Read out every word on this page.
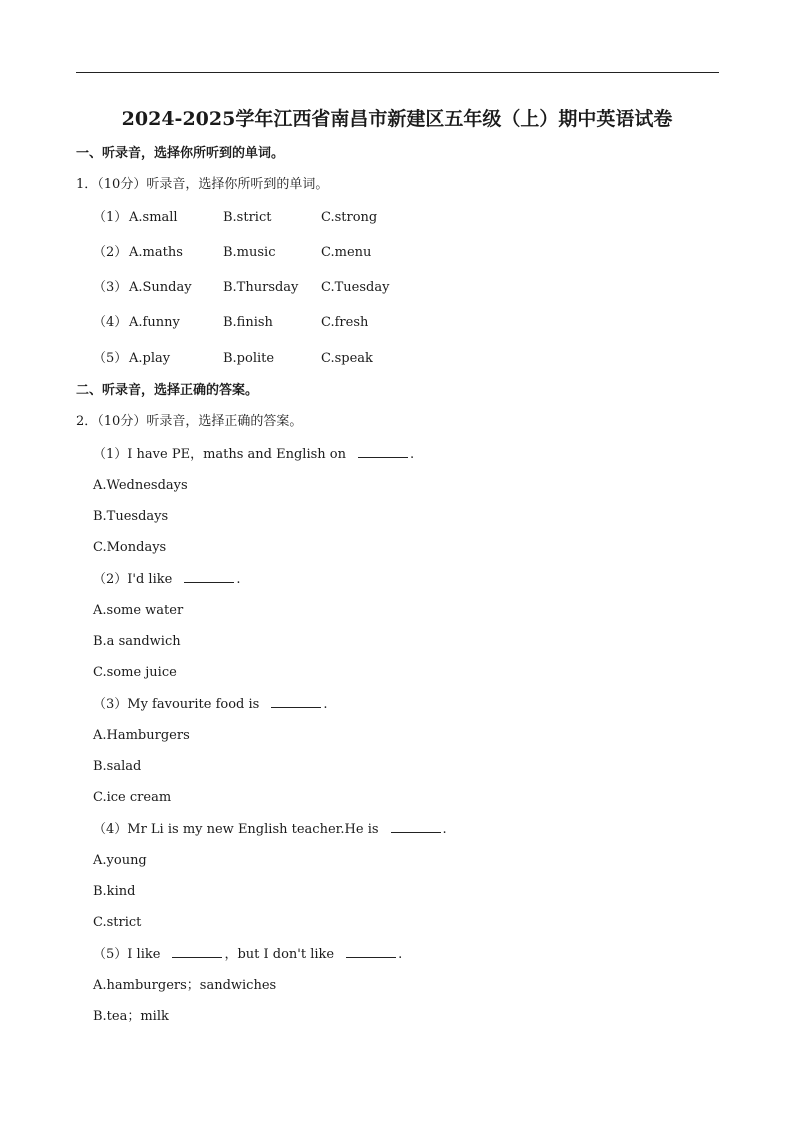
2024-2025学年江西省南昌市新建区五年级（上）期中英语试卷
一、听录音，选择你所听到的单词。
1．（10分）听录音，选择你所听到的单词。
（1） A.small	B.strict	C.strong
（2） A.maths	B.music	C.menu
（3） A.Sunday B.Thursday C.Tuesday
（4） A.funny	B.finish	C.fresh
（5） A.play	B.polite	C.speak
二、听录音，选择正确的答案。
2．（10分）听录音，选择正确的答案。
（1）I have PE，maths and English on	.
A.Wednesdays
B.Tuesdays
C.Mondays
（2）I'd like	.
A.some water
B.a sandwich
C.some juice
（3）My favourite food is	.
A.Hamburgers
B.salad
C.ice cream
（4）Mr Li is my new English teacher.He is	.
A.young
B.kind
C.strict
（5）I like	，but I don't like	.
A.hamburgers；sandwiches
B.tea；milk
